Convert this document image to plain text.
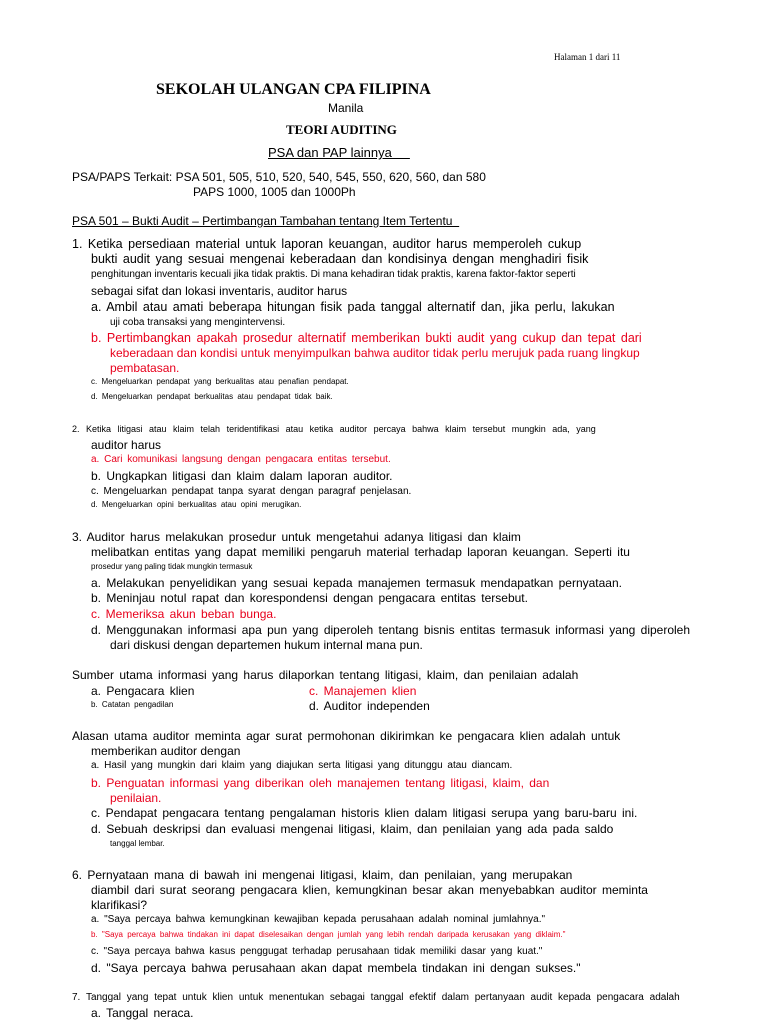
Halaman 1 dari 11
SEKOLAH ULANGAN CPA FILIPINA
Manila
TEORI AUDITING
PSA dan PAP lainnya
PSA/PAPS Terkait: PSA 501, 505, 510, 520, 540, 545, 550, 620, 560, dan 580
PAPS 1000, 1005 dan 1000Ph
PSA 501 – Bukti Audit – Pertimbangan Tambahan tentang Item Tertentu
1. Ketika persediaan material untuk laporan keuangan, auditor harus memperoleh cukup
bukti audit yang sesuai mengenai keberadaan dan kondisinya dengan menghadiri fisik
penghitungan inventaris kecuali jika tidak praktis. Di mana kehadiran tidak praktis, karena faktor-faktor seperti
sebagai sifat dan lokasi inventaris, auditor harus
a. Ambil atau amati beberapa hitungan fisik pada tanggal alternatif dan, jika perlu, lakukan
uji coba transaksi yang mengintervensi.
b. Pertimbangkan apakah prosedur alternatif memberikan bukti audit yang cukup dan tepat dari
keberadaan dan kondisi untuk menyimpulkan bahwa auditor tidak perlu merujuk pada ruang lingkup
pembatasan.
c. Mengeluarkan pendapat yang berkualitas atau penafian pendapat.
d. Mengeluarkan pendapat berkualitas atau pendapat tidak baik.
2. Ketika litigasi atau klaim telah teridentifikasi atau ketika auditor percaya bahwa klaim tersebut mungkin ada, yang
auditor harus
a. Cari komunikasi langsung dengan pengacara entitas tersebut.
b. Ungkapkan litigasi dan klaim dalam laporan auditor.
c. Mengeluarkan pendapat tanpa syarat dengan paragraf penjelasan.
d. Mengeluarkan opini berkualitas atau opini merugikan.
3. Auditor harus melakukan prosedur untuk mengetahui adanya litigasi dan klaim
melibatkan entitas yang dapat memiliki pengaruh material terhadap laporan keuangan. Seperti itu
prosedur yang paling tidak mungkin termasuk
a. Melakukan penyelidikan yang sesuai kepada manajemen termasuk mendapatkan pernyataan.
b. Meninjau notul rapat dan korespondensi dengan pengacara entitas tersebut.
c. Memeriksa akun beban bunga.
d. Menggunakan informasi apa pun yang diperoleh tentang bisnis entitas termasuk informasi yang diperoleh
dari diskusi dengan departemen hukum internal mana pun.
Sumber utama informasi yang harus dilaporkan tentang litigasi, klaim, dan penilaian adalah
a. Pengacara klien
b. Catatan pengadilan
c. Manajemen klien
d. Auditor independen
Alasan utama auditor meminta agar surat permohonan dikirimkan ke pengacara klien adalah untuk
memberikan auditor dengan
a. Hasil yang mungkin dari klaim yang diajukan serta litigasi yang ditunggu atau diancam.
b. Penguatan informasi yang diberikan oleh manajemen tentang litigasi, klaim, dan
penilaian.
c. Pendapat pengacara tentang pengalaman historis klien dalam litigasi serupa yang baru-baru ini.
d. Sebuah deskripsi dan evaluasi mengenai litigasi, klaim, dan penilaian yang ada pada saldo
tanggal lembar.
6. Pernyataan mana di bawah ini mengenai litigasi, klaim, dan penilaian, yang merupakan
diambil dari surat seorang pengacara klien, kemungkinan besar akan menyebabkan auditor meminta
klarifikasi?
a. "Saya percaya bahwa kemungkinan kewajiban kepada perusahaan adalah nominal jumlahnya."
b. "Saya percaya bahwa tindakan ini dapat diselesaikan dengan jumlah yang lebih rendah daripada kerusakan yang diklaim."
c. "Saya percaya bahwa kasus penggugat terhadap perusahaan tidak memiliki dasar yang kuat."
d. "Saya percaya bahwa perusahaan akan dapat membela tindakan ini dengan sukses."
7. Tanggal yang tepat untuk klien untuk menentukan sebagai tanggal efektif dalam pertanyaan audit kepada pengacara adalah
a. Tanggal neraca.
